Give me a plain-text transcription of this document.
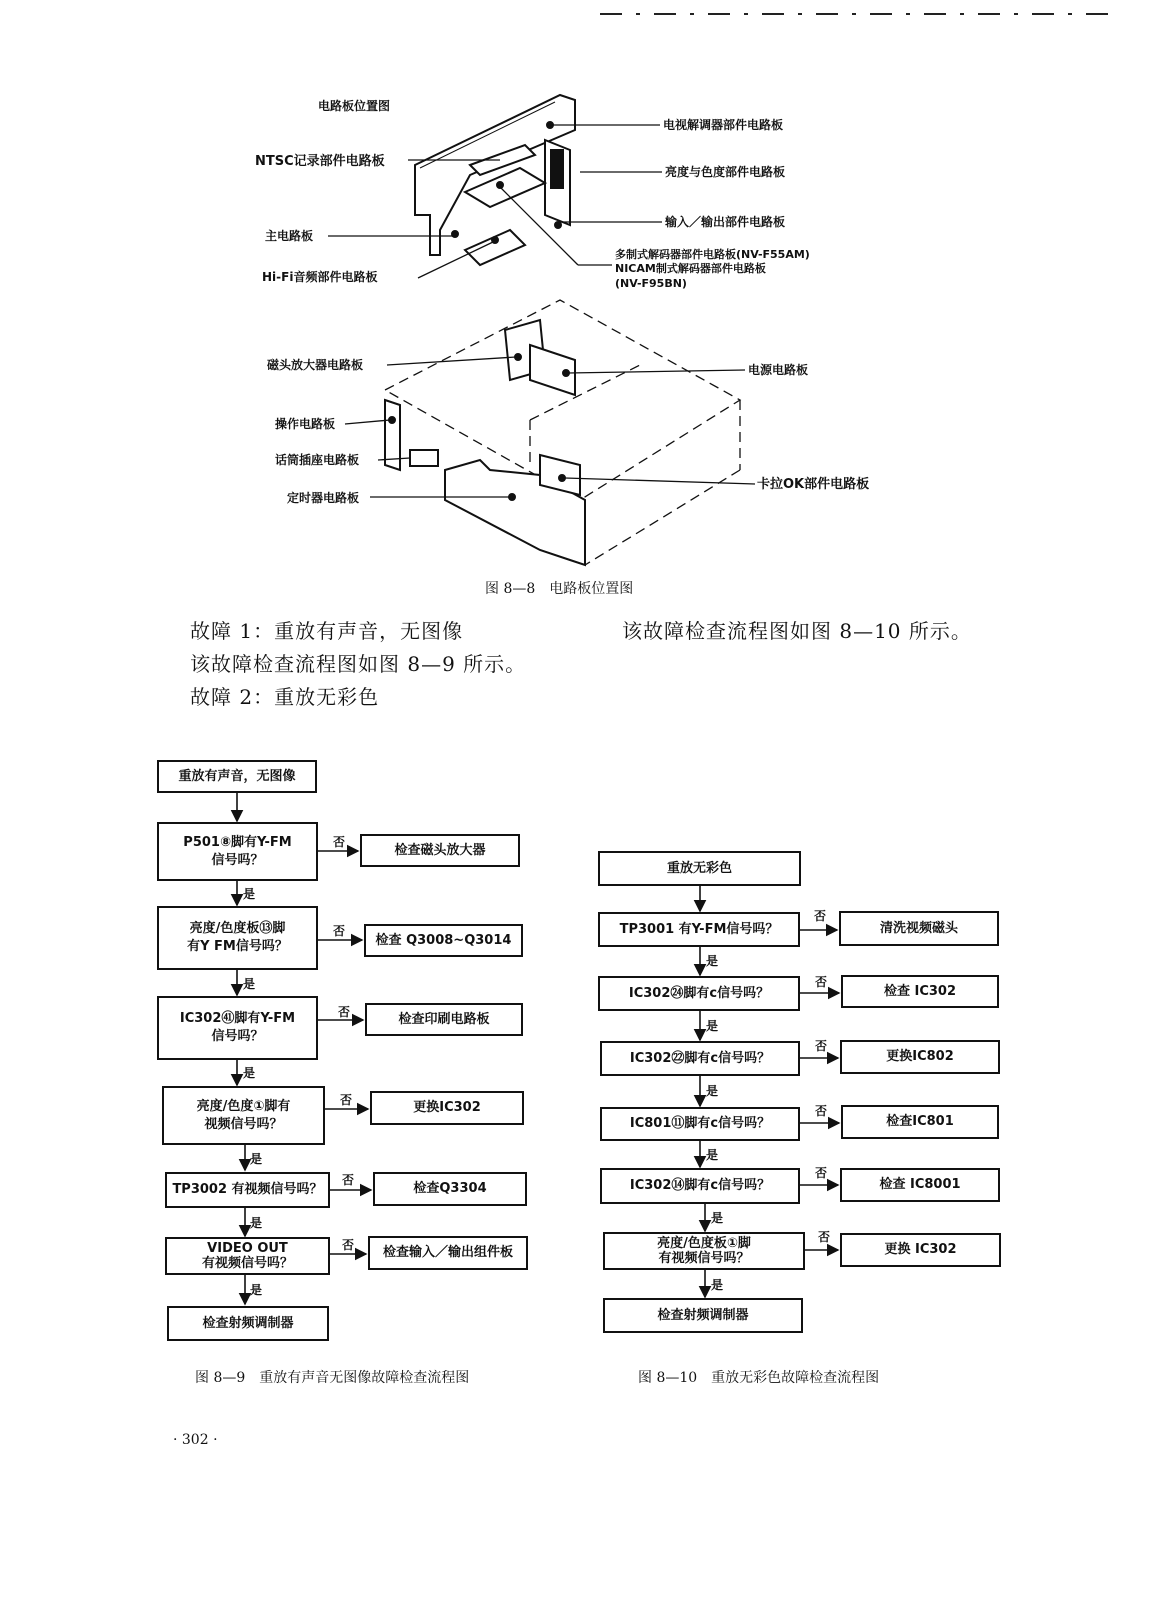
电路板位置图
电视解调器部件电路板
NTSC记录部件电路板
亮度与色度部件电路板
输入／输出部件电路板
主电路板
多制式解码器部件电路板(NV-F55AM)
NICAM制式解码器部件电路板
(NV-F95BN)
Hi-Fi音频部件电路板
磁头放大器电路板	电源电路板
操作电路板
话筒插座电路板
卡拉OK部件电路板
定时器电路板
图 8—8　电路板位置图
故障 1：重放有声音，无图像
该故障检查流程图如图 8—9 所示。
故障 2：重放无彩色
该故障检查流程图如图 8—10 所示。
重放有声音，无图像
P501⑧脚有Y-FM
信号吗？
检查磁头放大器
亮度/色度板⑬脚
有Y FM信号吗？	检查 Q3008~Q3014
IC302㊶脚有Y-FM
信号吗？
检查印刷电路板
亮度/色度①脚有
视频信号吗？
更换IC302
TP3002 有视频信号吗？	检查Q3304
VIDEO OUT
有视频信号吗？
检查输入／输出组件板
检查射频调制器
否
否
否
否
否
否
是
是
是
是
是
是
图 8—9　重放有声音无图像故障检查流程图
重放无彩色
TP3001 有Y-FM信号吗？	清洗视频磁头
IC302㉔脚有c信号吗？	检查 IC302
IC302㉒脚有c信号吗？	更换IC802
IC801⑪脚有c信号吗？	检查IC801
IC302⑭脚有c信号吗？	检查 IC8001
亮度/色度板①脚
有视频信号吗？
更换 IC302
检查射频调制器
否
否
否
否
否
否
是
是
是
是
是
是
图 8—10　重放无彩色故障检查流程图
· 302 ·
